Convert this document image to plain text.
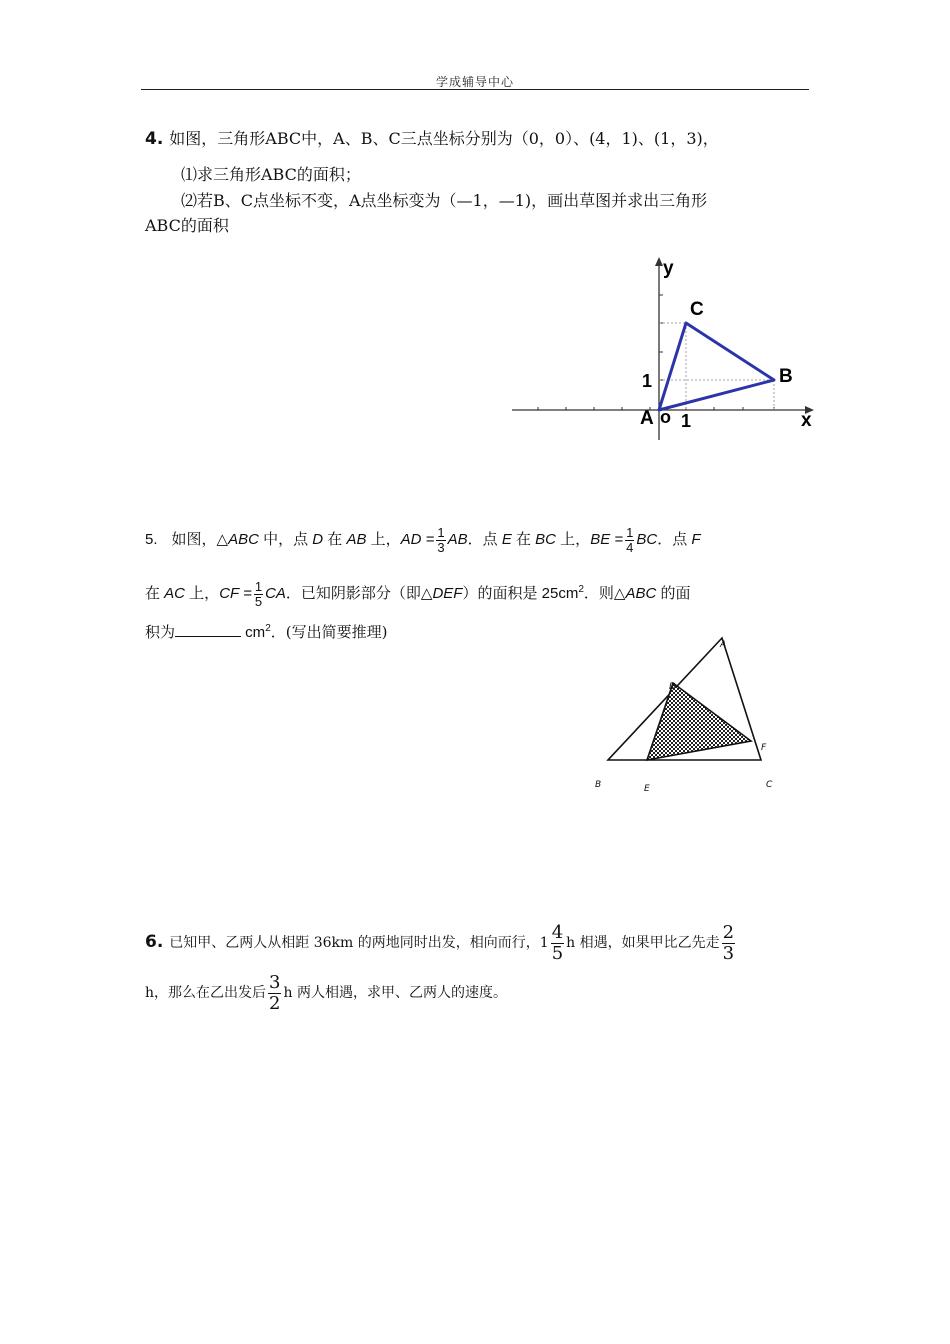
学成辅导中心
4. 如图，三角形ABC中，A、B、C三点坐标分别为（0，0）、(4，1)、(1，3)，
⑴求三角形ABC的面积；
⑵若B、C点坐标不变，A点坐标变为（—1，—1)，画出草图并求出三角形
ABC的面积
y
x
C
B
A o 1
1
5. 如图，△ABC 中，点 D 在 AB 上，AD = $\frac{1}{3}$ AB．点 E 在 BC 上，BE = $\frac{1}{4}$ BC．点 F
在 AC 上，CF = $\frac{1}{5}$ CA．已知阴影部分（即△DEF）的面积是 $25cm^2$．则△ABC 的面
积为	$cm^2$．(写出简要推理)
A
D
F
B	E	C
6. 已知甲、乙两人从相距 36km 的两地同时出发，相向而行，$1 \frac{4}{5}$ h 相遇，如果甲比乙先走 $\frac{2}{3}$
h，那么在乙出发后 $\frac{3}{2}$ h 两人相遇，求甲、乙两人的速度。
